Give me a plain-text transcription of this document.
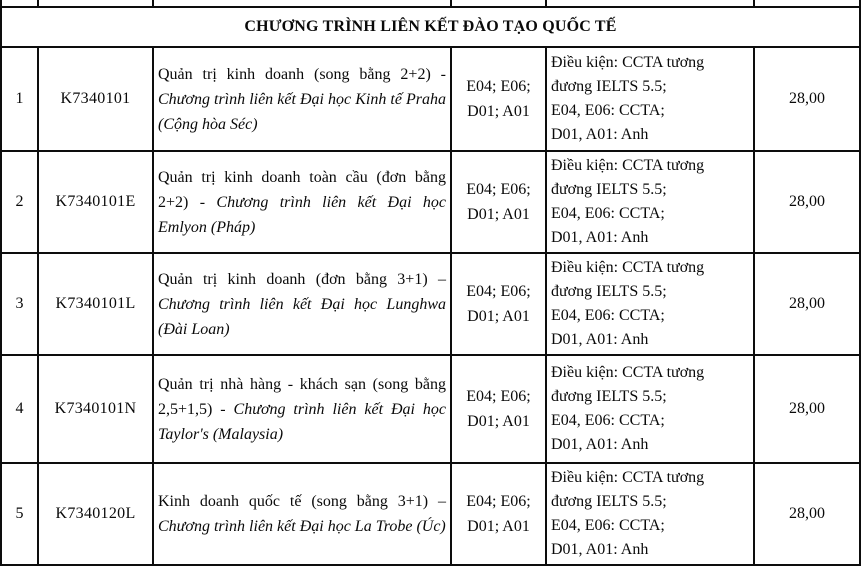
CHƯƠNG TRÌNH LIÊN KẾT ĐÀO TẠO QUỐC TẾ					
1	K7340101	Quản trị kinh doanh (song bằng 2+2) - Chương trình liên kết Đại học Kinh tế Praha (Cộng hòa Séc)	E04; E06; D01; A01	Điều kiện: CCTA tương đương IELTS 5.5;
E04, E06: CCTA;
D01, A01: Anh	28,00
2	K7340101E	Quản trị kinh doanh toàn cầu (đơn bằng 2+2) - Chương trình liên kết Đại học Emlyon (Pháp)	E04; E06; D01; A01	Điều kiện: CCTA tương đương IELTS 5.5;
E04, E06: CCTA;
D01, A01: Anh	28,00
3	K7340101L	Quản trị kinh doanh (đơn bằng 3+1) – Chương trình liên kết Đại học Lunghwa (Đài Loan)	E04; E06; D01; A01	Điều kiện: CCTA tương đương IELTS 5.5;
E04, E06: CCTA;
D01, A01: Anh	28,00
4	K7340101N	Quản trị nhà hàng - khách sạn (song bằng 2,5+1,5) - Chương trình liên kết Đại học Taylor's (Malaysia)	E04; E06; D01; A01	Điều kiện: CCTA tương đương IELTS 5.5;
E04, E06: CCTA;
D01, A01: Anh	28,00
5	K7340120L	Kinh doanh quốc tế (song bằng 3+1) – Chương trình liên kết Đại học La Trobe (Úc)	E04; E06; D01; A01	Điều kiện: CCTA tương đương IELTS 5.5;
E04, E06: CCTA;
D01, A01: Anh	28,00
